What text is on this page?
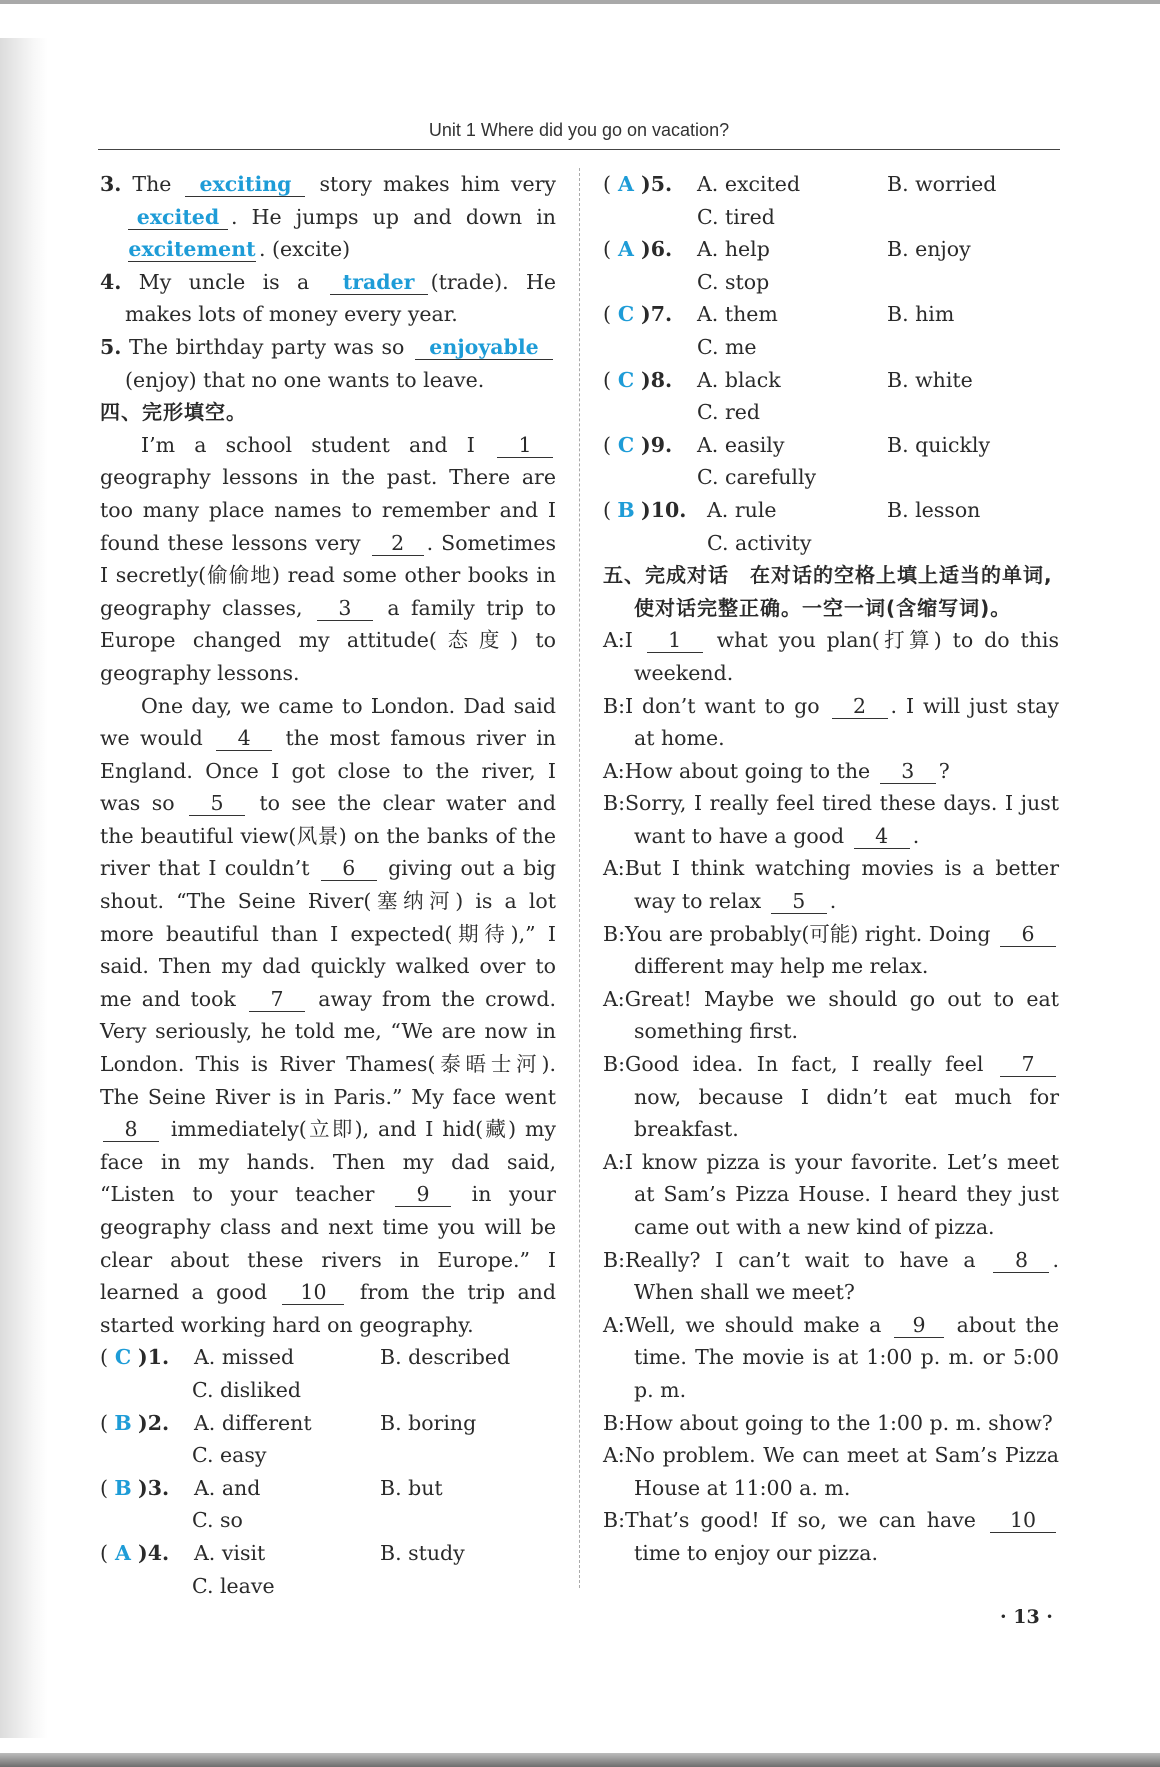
Unit 1 Where did you go on vacation?
3. The exciting story makes him very excited . He jumps up and down in excitement . (excite)
4. My uncle is a trader (trade). He makes lots of money every year.
5. The birthday party was so enjoyable (enjoy) that no one wants to leave.
四、完形填空。
I’m a school student and I 1 geography lessons in the past. There are too many place names to remember and I found these lessons very 2 . Sometimes I secretly(偷偷地) read some other books in geography classes, 3 a family trip to Europe changed my attitude(态度) to geography lessons.
One day, we came to London. Dad said we would 4 the most famous river in England. Once I got close to the river, I was so 5 to see the clear water and the beautiful view(风景) on the banks of the river that I couldn’t 6 giving out a big shout. “The Seine River(塞纳河) is a lot more beautiful than I expected(期待),” I said. Then my dad quickly walked over to me and took 7 away from the crowd. Very seriously, he told me, “We are now in London. This is River Thames(泰晤士河). The Seine River is in Paris.” My face went 8 immediately(立即), and I hid(藏) my face in my hands. Then my dad said, “Listen to your teacher 9 in your geography class and next time you will be clear about these rivers in Europe.” I learned a good 10 from the trip and started working hard on geography.
( C )1. A. missed	B. described
C. disliked
( B )2. A. different	B. boring
C. easy
( B )3. A. and	B. but
C. so
( A )4. A. visit	B. study
C. leave
( A )5. A. excited	B. worried
C. tired
( A )6. A. help	B. enjoy
C. stop
( C )7. A. them	B. him
C. me
( C )8. A. black	B. white
C. red
( C )9. A. easily	B. quickly
C. carefully
( B )10. A. rule	B. lesson
C. activity
五、完成对话　在对话的空格上填上适当的单词,使对话完整正确。一空一词(含缩写词)。
A:I 1 what you plan(打算) to do this weekend.
B:I don’t want to go 2 . I will just stay at home.
A:How about going to the 3 ?
B:Sorry, I really feel tired these days. I just want to have a good 4 .
A:But I think watching movies is a better way to relax 5 .
B:You are probably(可能) right. Doing 6 different may help me relax.
A:Great! Maybe we should go out to eat something first.
B:Good idea. In fact, I really feel 7 now, because I didn’t eat much for breakfast.
A:I know pizza is your favorite. Let’s meet at Sam’s Pizza House. I heard they just came out with a new kind of pizza.
B:Really? I can’t wait to have a 8 . When shall we meet?
A:Well, we should make a 9 about the time. The movie is at 1:00 p. m. or 5:00 p. m.
B:How about going to the 1:00 p. m. show?
A:No problem. We can meet at Sam’s Pizza House at 11:00 a. m.
B:That’s good! If so, we can have 10 time to enjoy our pizza.
· 13 ·
